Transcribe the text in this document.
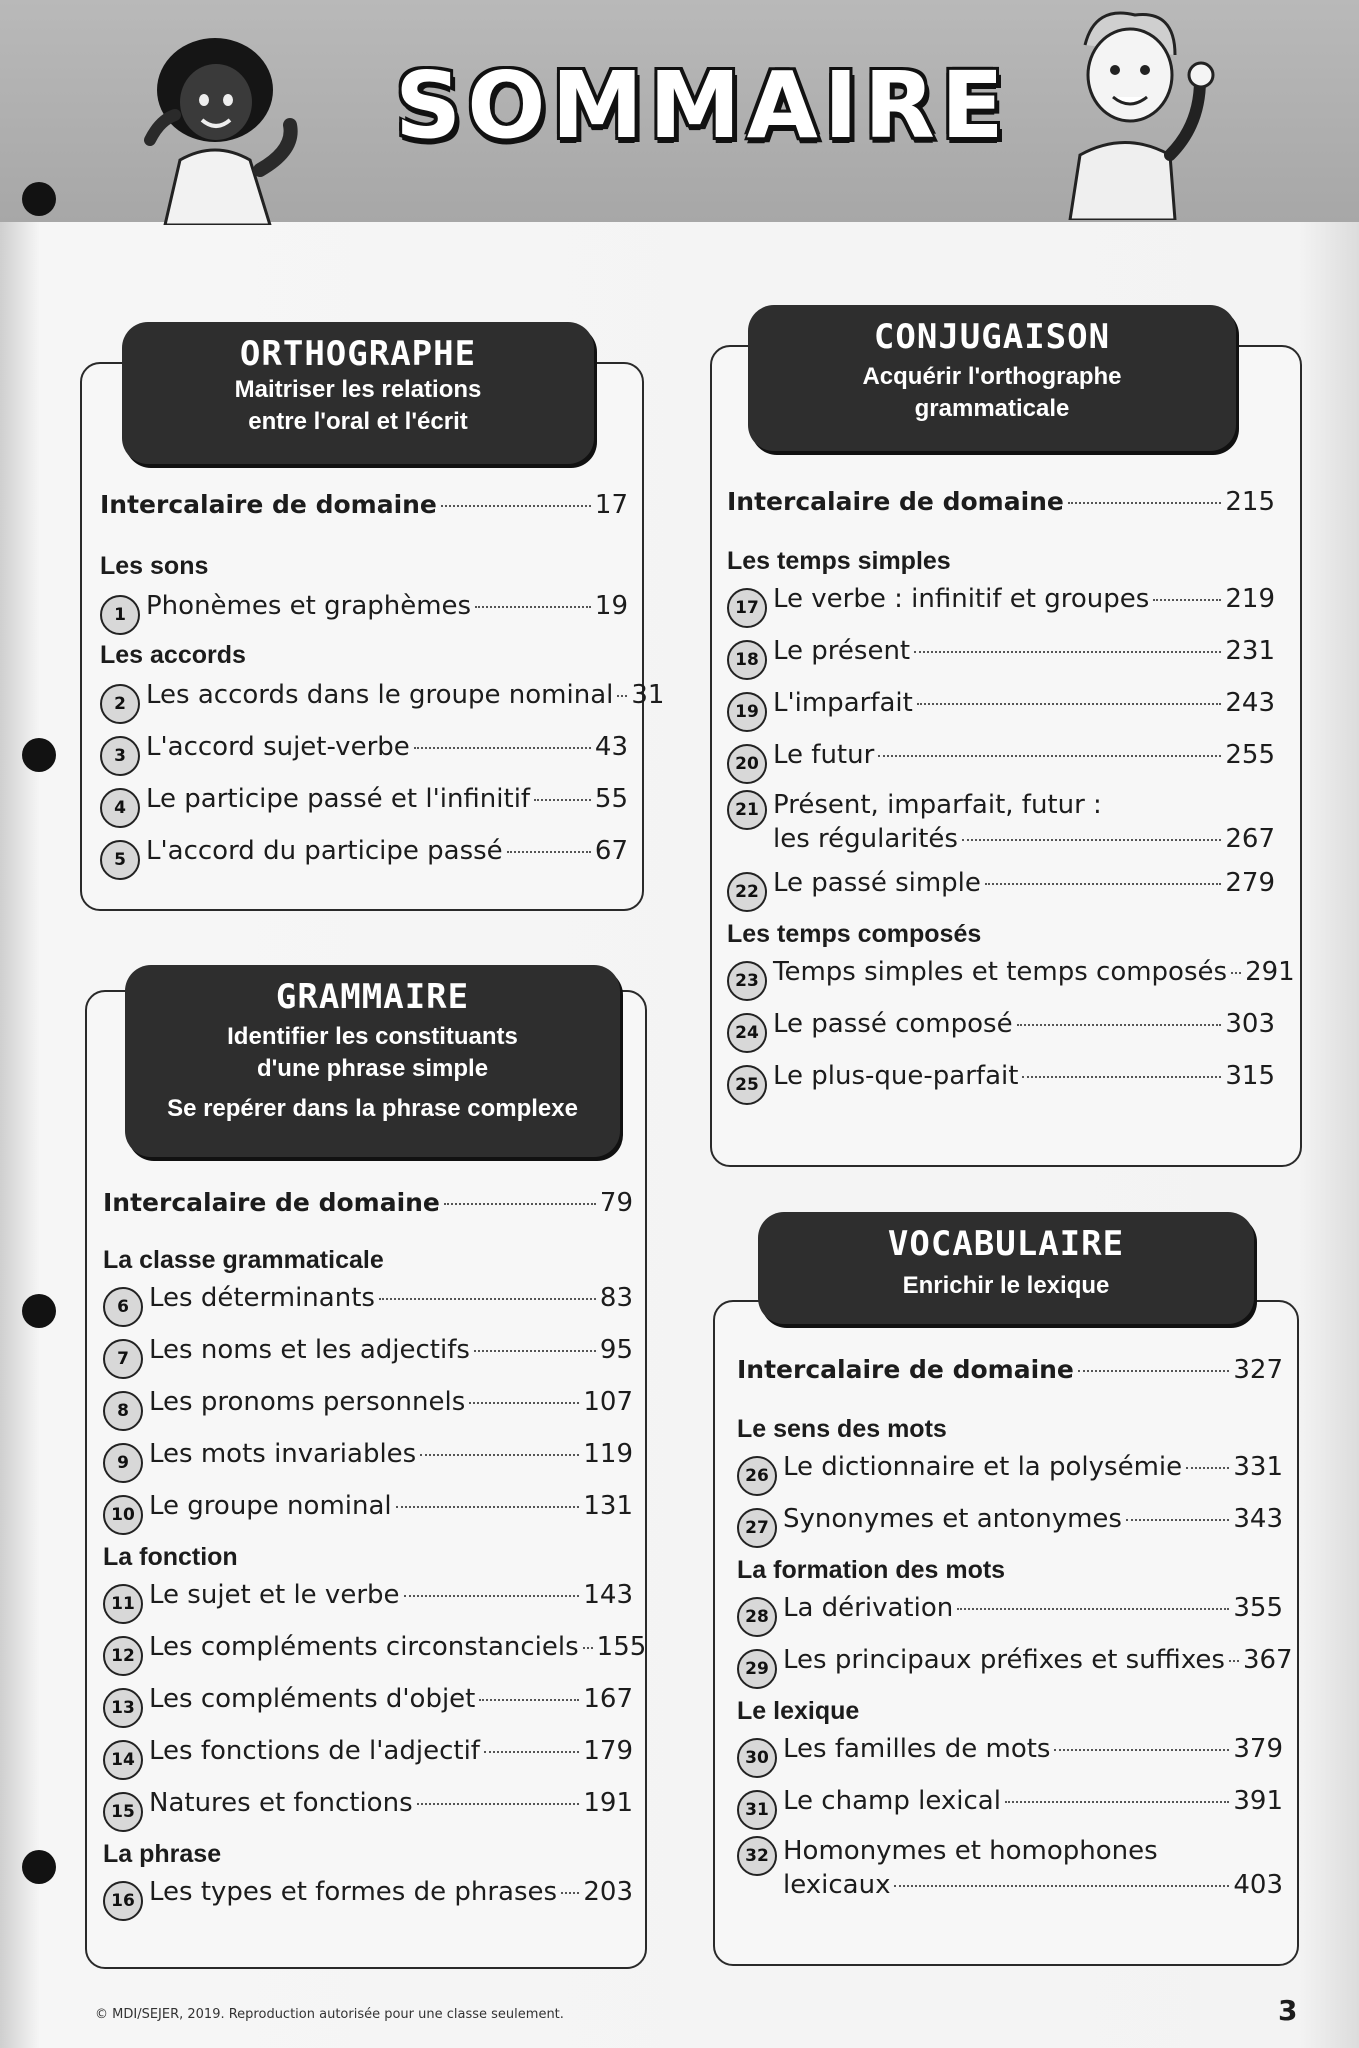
SOMMAIRE
ORTHOGRAPHE
Maitriser les relations
entre l'oral et l'écrit
Intercalaire de domaine	17
Les sons
1 Phonèmes et graphèmes	19
Les accords
2 Les accords dans le groupe nominal 31
3 L'accord sujet-verbe	43
4 Le participe passé et l'infinitif 55
5 L'accord du participe passé	67
GRAMMAIRE
Identifier les constituants
d'une phrase simple
Se repérer dans la phrase complexe
Intercalaire de domaine	79
La classe grammaticale
6 Les déterminants	83
7 Les noms et les adjectifs	95
8 Les pronoms personnels	107
9 Les mots invariables	119
10 Le groupe nominal	131
La fonction
11 Le sujet et le verbe	143
12 Les compléments circonstanciels 155
13 Les compléments d'objet	167
14 Les fonctions de l'adjectif	179
15 Natures et fonctions	191
La phrase
16 Les types et formes de phrases 203
CONJUGAISON
Acquérir l'orthographe
grammaticale
Intercalaire de domaine	215
Les temps simples
17 Le verbe : infinitif et groupes	219
18 Le présent	231
19 L'imparfait	243
20 Le futur	255
21 Présent, imparfait, futur :
les régularités	267
22 Le passé simple	279
Les temps composés
23 Temps simples et temps composés 291
24 Le passé composé	303
25 Le plus-que-parfait	315
VOCABULAIRE
Enrichir le lexique
Intercalaire de domaine	327
Le sens des mots
26 Le dictionnaire et la polysémie 331
27 Synonymes et antonymes	343
La formation des mots
28 La dérivation	355
29 Les principaux préfixes et suffixes 367
Le lexique
30 Les familles de mots	379
31 Le champ lexical	391
32 Homonymes et homophones
lexicaux	403
© MDI/SEJER, 2019. Reproduction autorisée pour une classe seulement.	3
